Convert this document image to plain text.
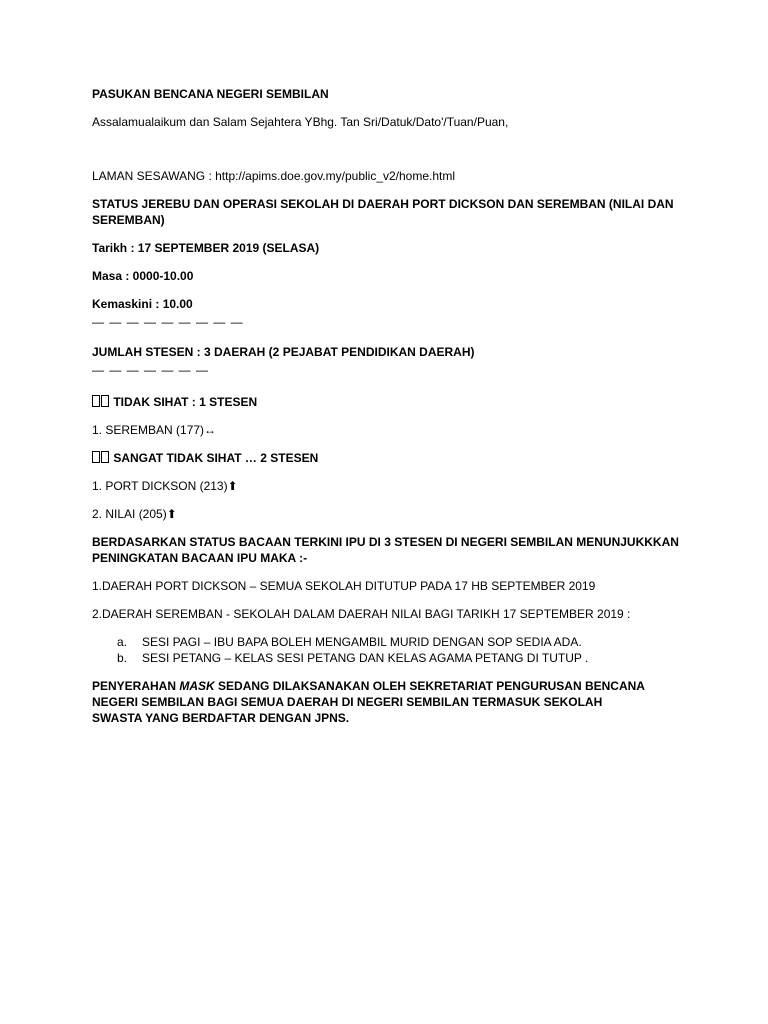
PASUKAN BENCANA NEGERI SEMBILAN

Assalamualaikum dan Salam Sejahtera YBhg. Tan Sri/Datuk/Dato'/Tuan/Puan,

LAMAN SESAWANG : http://apims.doe.gov.my/public_v2/home.html

STATUS JEREBU DAN OPERASI SEKOLAH DI DAERAH PORT DICKSON DAN SEREMBAN (NILAI DAN SEREMBAN)

Tarikh : 17 SEPTEMBER 2019 (SELASA)

Masa : 0000-10.00

Kemaskini : 10.00

— — — — — — — — —

JUMLAH STESEN : 3 DAERAH (2 PEJABAT PENDIDIKAN DAERAH)

— — — — — — —

TIDAK SIHAT : 1 STESEN

1. SEREMBAN (177)↔

SANGAT TIDAK SIHAT … 2 STESEN

1. PORT DICKSON (213)⬆

2. NILAI (205)⬆

BERDASARKAN STATUS BACAAN TERKINI IPU DI 3 STESEN DI NEGERI SEMBILAN MENUNJUKKKAN PENINGKATAN BACAAN IPU MAKA :-

1.DAERAH PORT DICKSON – SEMUA SEKOLAH DITUTUP PADA 17 HB SEPTEMBER 2019

2.DAERAH SEREMBAN - SEKOLAH DALAM DAERAH NILAI BAGI TARIKH 17 SEPTEMBER 2019 :

a.	SESI PAGI – IBU BAPA BOLEH MENGAMBIL MURID DENGAN SOP SEDIA ADA.
b.	SESI PETANG – KELAS SESI PETANG DAN KELAS AGAMA PETANG DI TUTUP .

PENYERAHAN MASK SEDANG DILAKSANAKAN OLEH SEKRETARIAT PENGURUSAN BENCANA NEGERI SEMBILAN BAGI SEMUA DAERAH DI NEGERI SEMBILAN TERMASUK SEKOLAH SWASTA YANG BERDAFTAR DENGAN JPNS.
